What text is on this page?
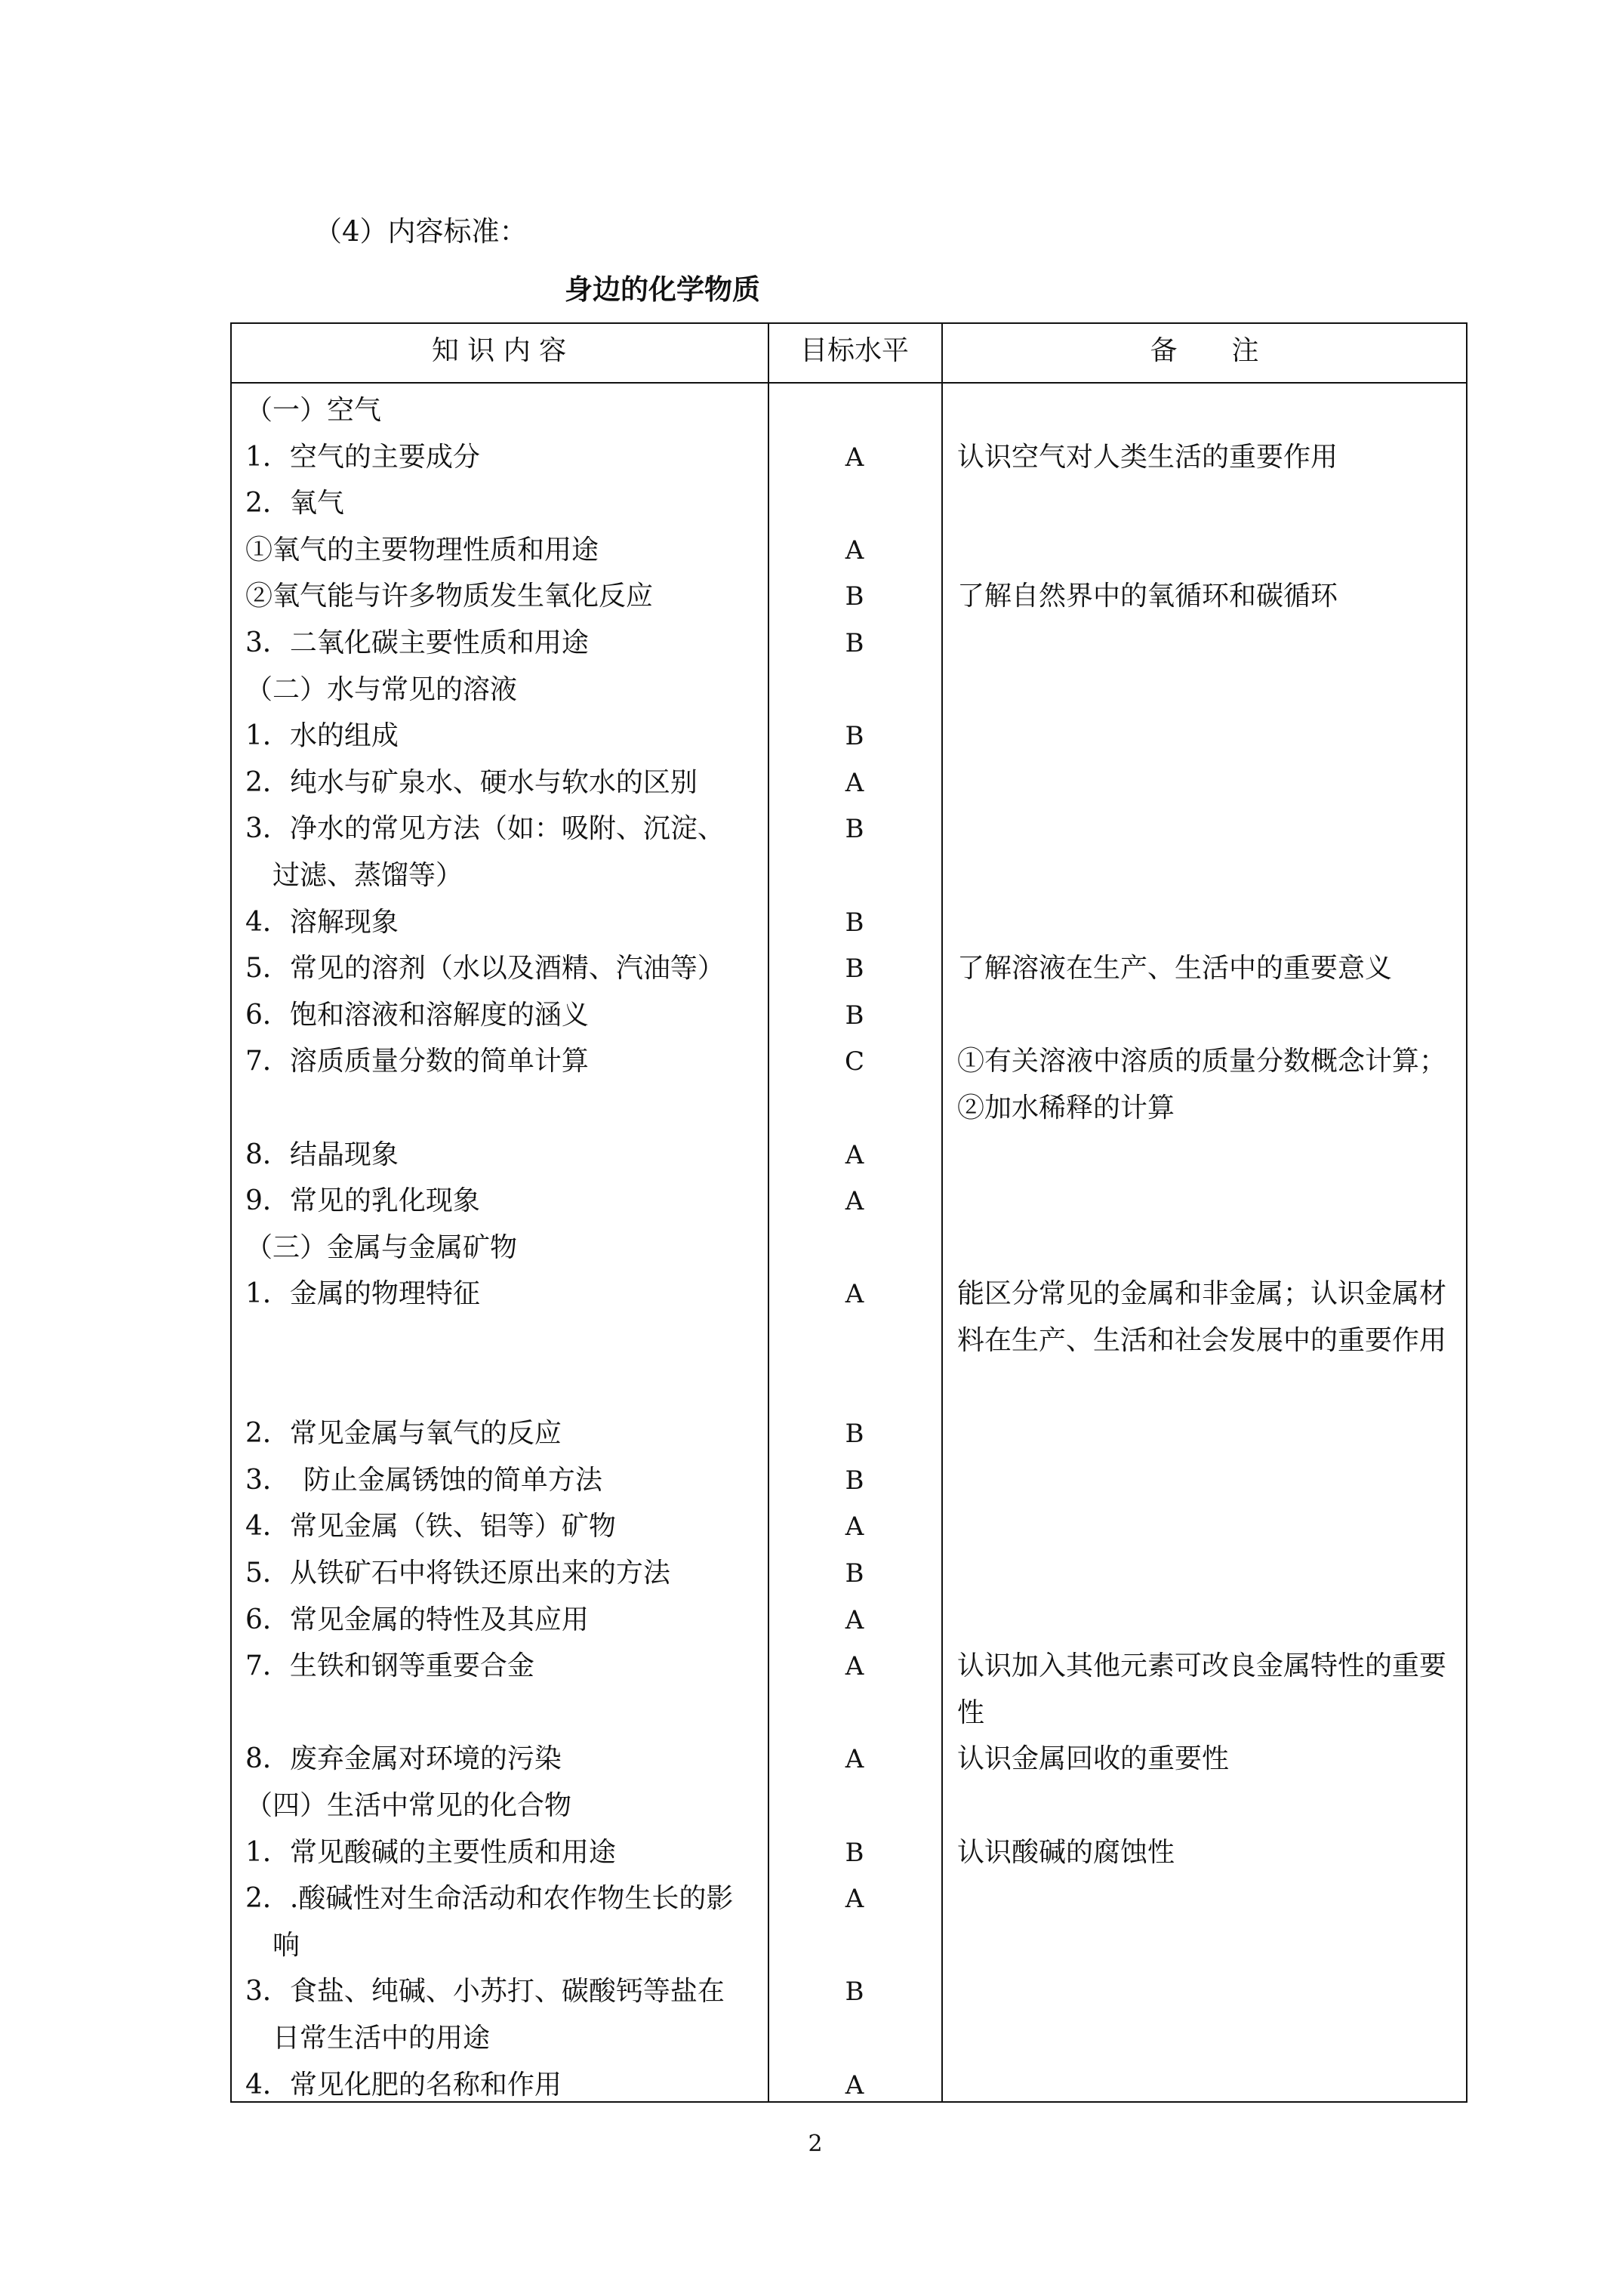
（4）内容标准：
身边的化学物质
知 识 内 容	目标水平	备　　注
（一）空气
1．空气的主要成分	A	认识空气对人类生活的重要作用
2．氧气
①氧气的主要物理性质和用途	A
②氧气能与许多物质发生氧化反应	B	了解自然界中的氧循环和碳循环
3．二氧化碳主要性质和用途	B
（二）水与常见的溶液
1．水的组成	B
2．纯水与矿泉水、硬水与软水的区别	A
3．净水的常见方法（如：吸附、沉淀、	B
　过滤、蒸馏等）
4．溶解现象	B
5．常见的溶剂（水以及酒精、汽油等）	B	了解溶液在生产、生活中的重要意义
6．饱和溶液和溶解度的涵义	B
7．溶质质量分数的简单计算	C	①有关溶液中溶质的质量分数概念计算；②加水稀释的计算
8．结晶现象	A
9．常见的乳化现象	A
（三）金属与金属矿物
1．金属的物理特征	A	能区分常见的金属和非金属；认识金属材料在生产、生活和社会发展中的重要作用
2．常见金属与氧气的反应	B
3．　防止金属锈蚀的简单方法	B
4．常见金属（铁、铝等）矿物	A
5．从铁矿石中将铁还原出来的方法	B
6．常见金属的特性及其应用	A
7．生铁和钢等重要合金	A	认识加入其他元素可改良金属特性的重要性
8．废弃金属对环境的污染	A	认识金属回收的重要性
（四）生活中常见的化合物
1．常见酸碱的主要性质和用途	B	认识酸碱的腐蚀性
2．.酸碱性对生命活动和农作物生长的影	A
　响
3．食盐、纯碱、小苏打、碳酸钙等盐在	B
　日常生活中的用途
4．常见化肥的名称和作用	A
2
